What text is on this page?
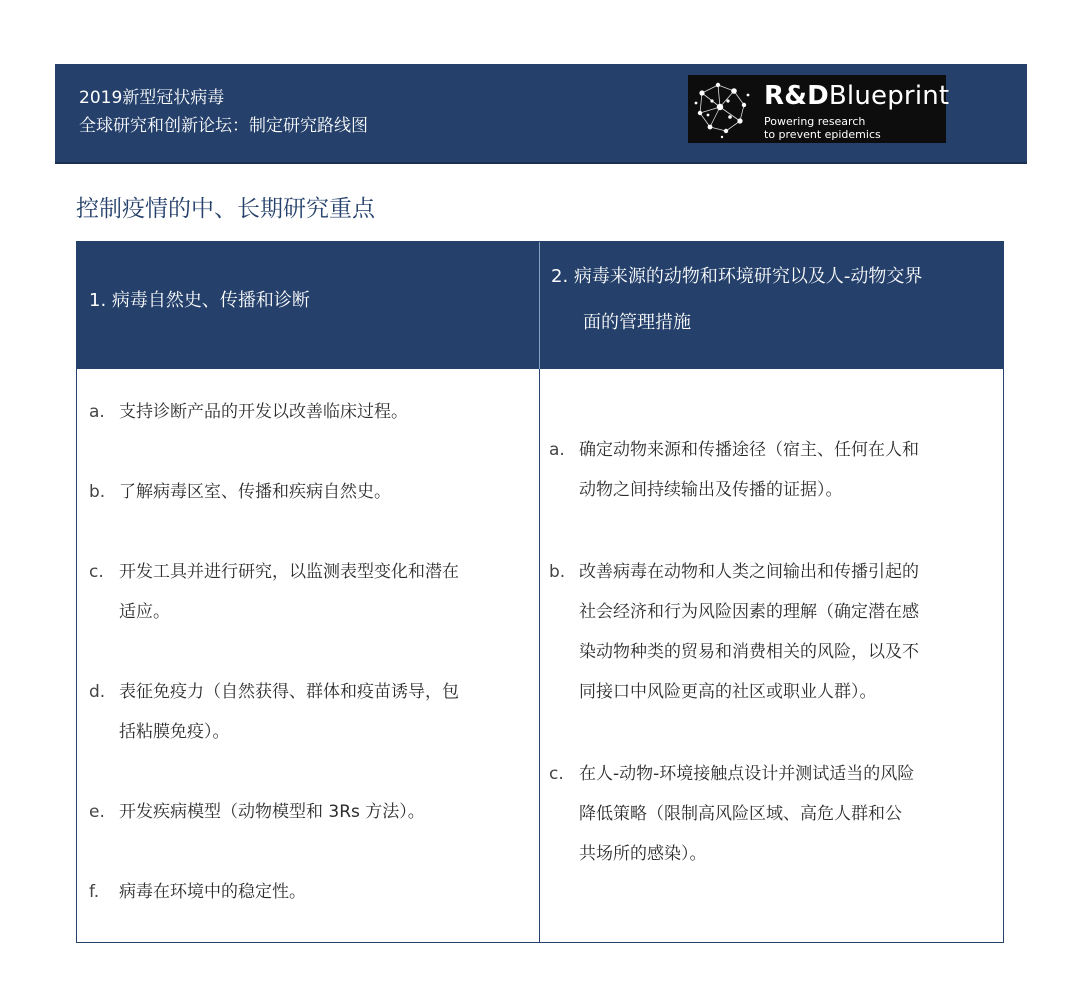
2019新型冠状病毒
全球研究和创新论坛：制定研究路线图
R&DBlueprint
Powering research
to prevent epidemics
控制疫情的中、长期研究重点
1. 病毒自然史、传播和诊断
2. 病毒来源的动物和环境研究以及人-动物交界
面的管理措施
a. 支持诊断产品的开发以改善临床过程。
b. 了解病毒区室、传播和疾病自然史。
c. 开发工具并进行研究，以监测表型变化和潜在
适应。
d. 表征免疫力（自然获得、群体和疫苗诱导，包
括粘膜免疫）。
e. 开发疾病模型（动物模型和 3Rs 方法）。
f. 病毒在环境中的稳定性。
a. 确定动物来源和传播途径（宿主、任何在人和
动物之间持续输出及传播的证据）。
b. 改善病毒在动物和人类之间输出和传播引起的
社会经济和行为风险因素的理解（确定潜在感
染动物种类的贸易和消费相关的风险，以及不
同接口中风险更高的社区或职业人群）。
c. 在人-动物-环境接触点设计并测试适当的风险
降低策略（限制高风险区域、高危人群和公
共场所的感染）。
